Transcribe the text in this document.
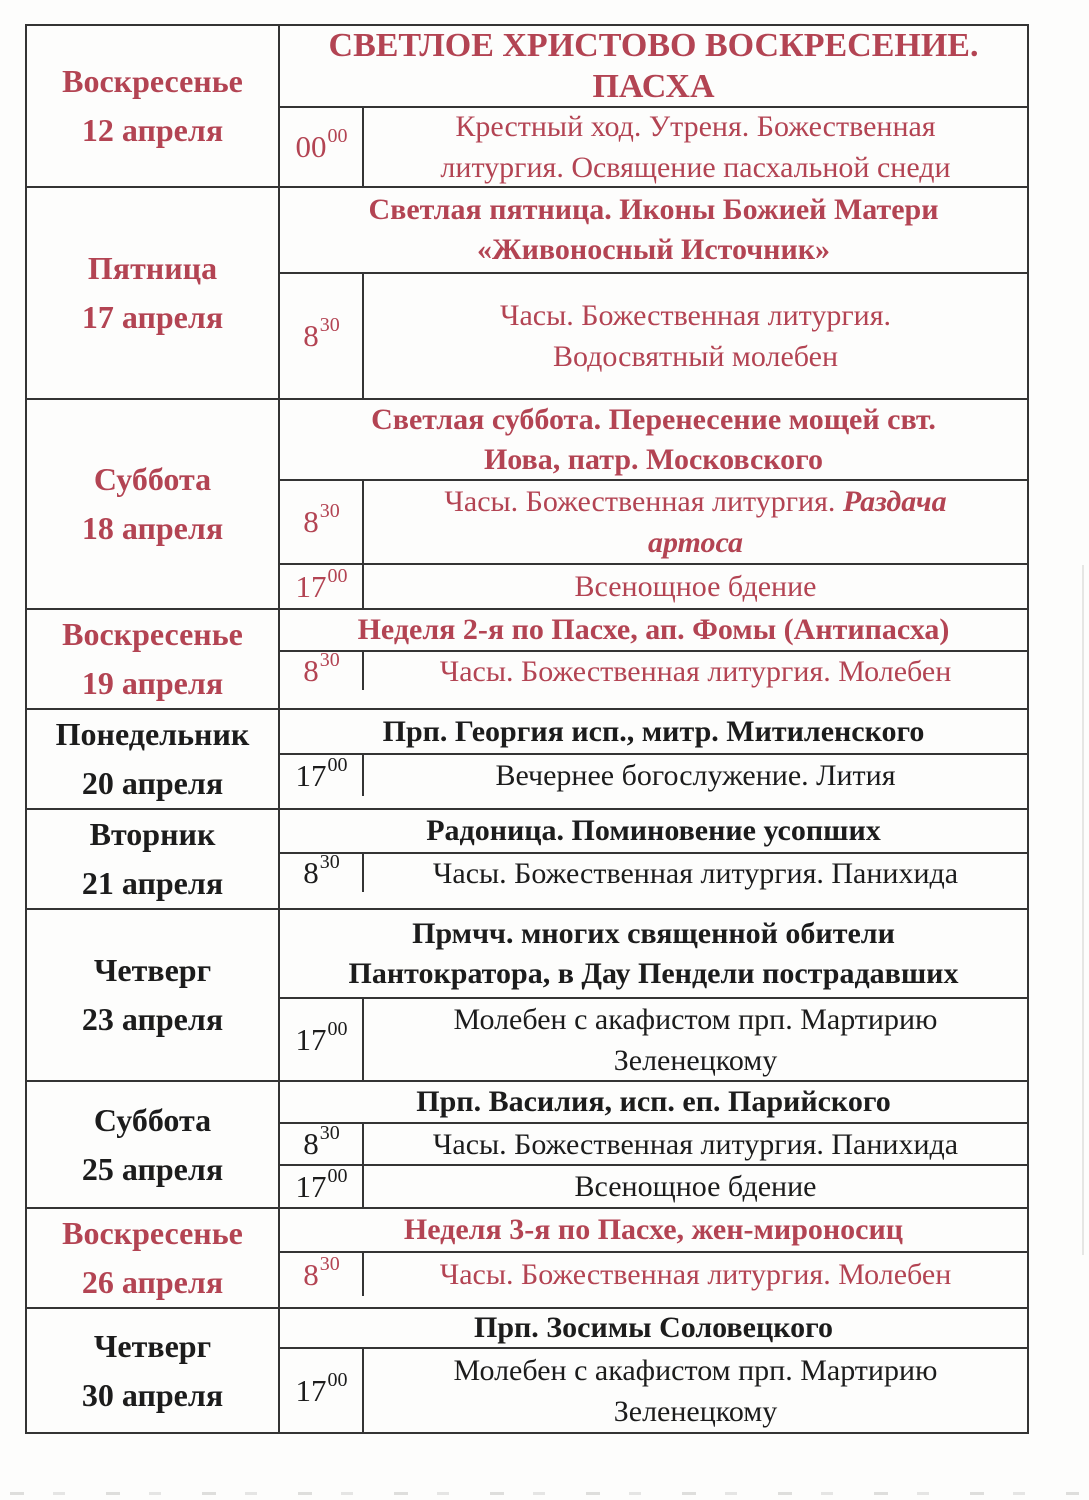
Воскресенье
12 апреля
СВЕТЛОЕ ХРИСТОВО ВОСКРЕСЕНИЕ.
ПАСХА
$00^{00}$	Крестный ход. Утреня. Божественная
литургия. Освящение пасхальной снеди
Пятница
17 апреля
Светлая пятница. Иконы Божией Матери
«Живоносный Источник»
$8^{30}$	Часы. Божественная литургия.
Водосвятный молебен
Суббота
18 апреля
Светлая суббота. Перенесение мощей свт.
Иова, патр. Московского
$8^{30}$	Часы. Божественная литургия. Раздача
артоса
$17^{00}$	Всенощное бдение
Воскресенье
19 апреля
Неделя 2-я по Пасхе, ап. Фомы (Антипасха)
$8^{30}$	Часы. Божественная литургия. Молебен
Понедельник
20 апреля
Прп. Георгия исп., митр. Митиленского
$17^{00}$	Вечернее богослужение. Лития
Вторник
21 апреля
Радоница. Поминовение усопших
$8^{30}$	Часы. Божественная литургия. Панихида
Четверг
23 апреля
Прмчч. многих священной обители
Пантократора, в Дау Пендели пострадавших
$17^{00}$	Молебен с акафистом прп. Мартирию
Зеленецкому
Суббота
25 апреля
Прп. Василия, исп. еп. Парийского
$8^{30}$	Часы. Божественная литургия. Панихида
$17^{00}$	Всенощное бдение
Воскресенье
26 апреля
Неделя 3-я по Пасхе, жен-мироносиц
$8^{30}$	Часы. Божественная литургия. Молебен
Четверг
30 апреля
Прп. Зосимы Соловецкого
$17^{00}$	Молебен с акафистом прп. Мартирию
Зеленецкому
